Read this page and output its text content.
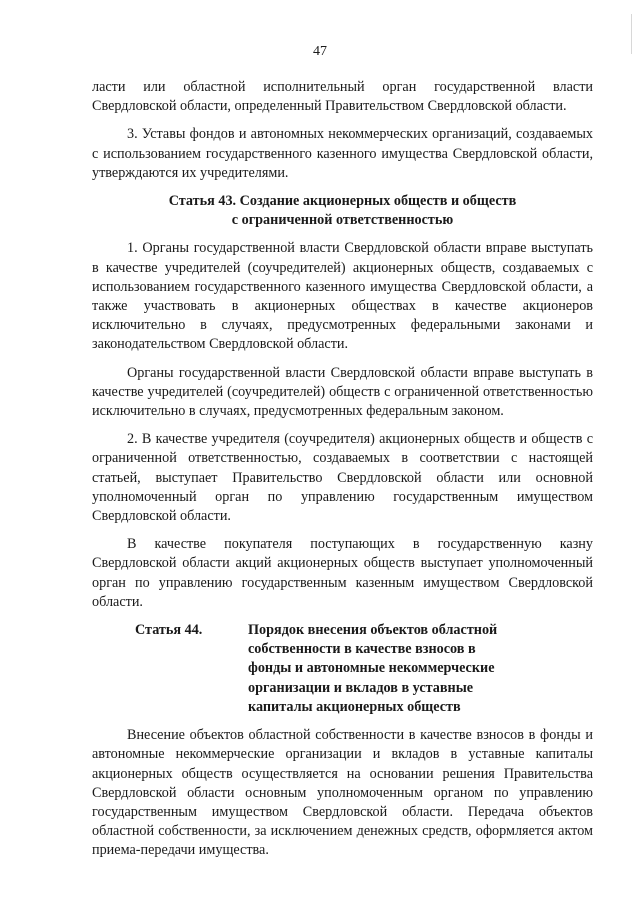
47

ласти или областной исполнительный орган государственной власти Свердловской области, определенный Правительством Свердловской области.

3. Уставы фондов и автономных некоммерческих организаций, создаваемых с использованием государственного казенного имущества Свердловской области, утверждаются их учредителями.

Статья 43. Создание акционерных обществ и обществ
с ограниченной ответственностью

1. Органы государственной власти Свердловской области вправе выступать в качестве учредителей (соучредителей) акционерных обществ, создаваемых с использованием государственного казенного имущества Свердловской области, а также участвовать в акционерных обществах в качестве акционеров исключительно в случаях, предусмотренных федеральными законами и законодательством Свердловской области.

Органы государственной власти Свердловской области вправе выступать в качестве учредителей (соучредителей) обществ с ограниченной ответственностью исключительно в случаях, предусмотренных федеральным законом.

2. В качестве учредителя (соучредителя) акционерных обществ и обществ с ограниченной ответственностью, создаваемых в соответствии с настоящей статьей, выступает Правительство Свердловской области или основной уполномоченный орган по управлению государственным имуществом Свердловской области.

В качестве покупателя поступающих в государственную казну Свердловской области акций акционерных обществ выступает уполномоченный орган по управлению государственным казенным имуществом Свердловской области.

Статья 44.	Порядок внесения объектов областной
собственности в качестве взносов в
фонды и автономные некоммерческие
организации и вкладов в уставные
капиталы акционерных обществ

Внесение объектов областной собственности в качестве взносов в фонды и автономные некоммерческие организации и вкладов в уставные капиталы акционерных обществ осуществляется на основании решения Правительства Свердловской области основным уполномоченным органом по управлению государственным имуществом Свердловской области. Передача объектов областной собственности, за исключением денежных средств, оформляется актом приема-передачи имущества.
